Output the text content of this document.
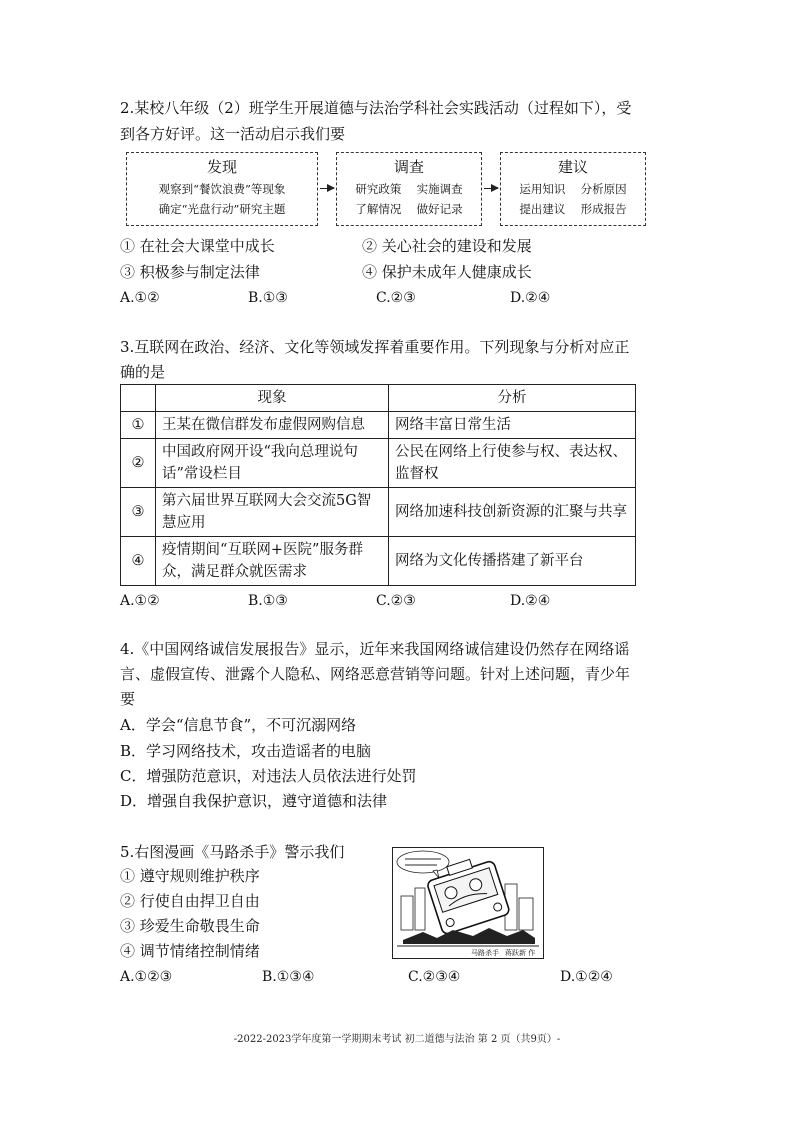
2.某校八年级（2）班学生开展道德与法治学科社会实践活动（过程如下），受
到各方好评。这一活动启示我们要
发现
观察到“餐饮浪费”等现象
确定“光盘行动”研究主题
调查
研究政策　 实施调查
了解情况　 做好记录
建议
运用知识　 分析原因
提出建议　 形成报告
① 在社会大课堂中成长	② 关心社会的建设和发展
③ 积极参与制定法律	④ 保护未成年人健康成长
A.①②	B.①③	C.②③	D.②④
3.互联网在政治、经济、文化等领域发挥着重要作用。下列现象与分析对应正
确的是
	现象	分析
①	王某在微信群发布虚假网购信息	网络丰富日常生活
②	中国政府网开设“我向总理说句话”常设栏目	公民在网络上行使参与权、表达权、监督权
③	第六届世界互联网大会交流5G智慧应用	网络加速科技创新资源的汇聚与共享
④	疫情期间“互联网+医院”服务群众，满足群众就医需求	网络为文化传播搭建了新平台
A.①②	B.①③	C.②③	D.②④
4.《中国网络诚信发展报告》显示，近年来我国网络诚信建设仍然存在网络谣
言、虚假宣传、泄露个人隐私、网络恶意营销等问题。针对上述问题，青少年
要
A．学会“信息节食”，不可沉溺网络
B．学习网络技术，攻击造谣者的电脑
C．增强防范意识，对违法人员依法进行处罚
D．增强自我保护意识，遵守道德和法律
5.右图漫画《马路杀手》警示我们
① 遵守规则维护秩序
② 行使自由捍卫自由
③ 珍爱生命敬畏生命
④ 调节情绪控制情绪	马路杀手 蒋跃新 作
A.①②③	B.①③④	C.②③④	D.①②④
-2022-2023学年度第一学期期末考试 初二道德与法治 第 2 页（共9页）-
